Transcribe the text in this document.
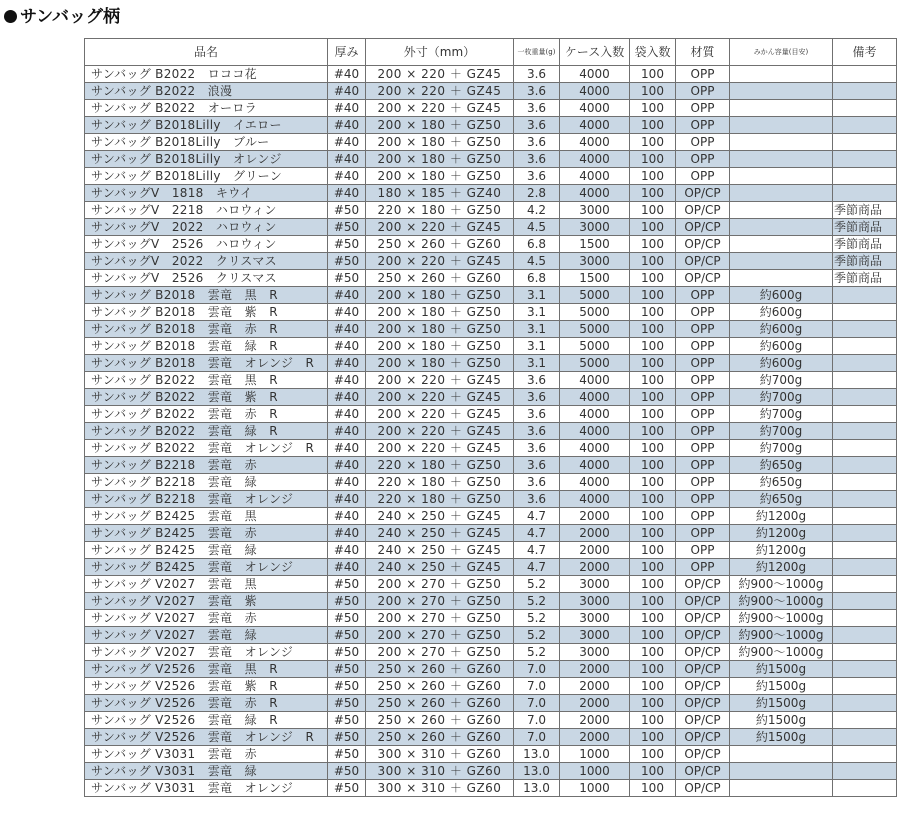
サンバッグ柄
品名	厚み	外寸（mm）	一枚重量(g)	ケース入数	袋入数	材質	みかん容量(目安)	備考
サンバッグ B2022　ロココ花	#40	200 × 220 ＋ GZ45	3.6	4000	100	OPP		
サンバッグ B2022　浪漫	#40	200 × 220 ＋ GZ45	3.6	4000	100	OPP		
サンバッグ B2022　オーロラ	#40	200 × 220 ＋ GZ45	3.6	4000	100	OPP		
サンバッグ B2018Lilly　イエロー	#40	200 × 180 ＋ GZ50	3.6	4000	100	OPP		
サンバッグ B2018Lilly　ブルー	#40	200 × 180 ＋ GZ50	3.6	4000	100	OPP		
サンバッグ B2018Lilly　オレンジ	#40	200 × 180 ＋ GZ50	3.6	4000	100	OPP		
サンバッグ B2018Lilly　グリーン	#40	200 × 180 ＋ GZ50	3.6	4000	100	OPP		
サンバッグV　1818　キウイ	#40	180 × 185 ＋ GZ40	2.8	4000	100	OP/CP		
サンバッグV　2218　ハロウィン	#50	220 × 180 ＋ GZ50	4.2	3000	100	OP/CP		季節商品
サンバッグV　2022　ハロウィン	#50	200 × 220 ＋ GZ45	4.5	3000	100	OP/CP		季節商品
サンバッグV　2526　ハロウィン	#50	250 × 260 ＋ GZ60	6.8	1500	100	OP/CP		季節商品
サンバッグV　2022　クリスマス	#50	200 × 220 ＋ GZ45	4.5	3000	100	OP/CP		季節商品
サンバッグV　2526　クリスマス	#50	250 × 260 ＋ GZ60	6.8	1500	100	OP/CP		季節商品
サンバッグ B2018　雲竜　黒　R	#40	200 × 180 ＋ GZ50	3.1	5000	100	OPP	約600g	
サンバッグ B2018　雲竜　紫　R	#40	200 × 180 ＋ GZ50	3.1	5000	100	OPP	約600g	
サンバッグ B2018　雲竜　赤　R	#40	200 × 180 ＋ GZ50	3.1	5000	100	OPP	約600g	
サンバッグ B2018　雲竜　緑　R	#40	200 × 180 ＋ GZ50	3.1	5000	100	OPP	約600g	
サンバッグ B2018　雲竜　オレンジ　R	#40	200 × 180 ＋ GZ50	3.1	5000	100	OPP	約600g	
サンバッグ B2022　雲竜　黒　R	#40	200 × 220 ＋ GZ45	3.6	4000	100	OPP	約700g	
サンバッグ B2022　雲竜　紫　R	#40	200 × 220 ＋ GZ45	3.6	4000	100	OPP	約700g	
サンバッグ B2022　雲竜　赤　R	#40	200 × 220 ＋ GZ45	3.6	4000	100	OPP	約700g	
サンバッグ B2022　雲竜　緑　R	#40	200 × 220 ＋ GZ45	3.6	4000	100	OPP	約700g	
サンバッグ B2022　雲竜　オレンジ　R	#40	200 × 220 ＋ GZ45	3.6	4000	100	OPP	約700g	
サンバッグ B2218　雲竜　赤	#40	220 × 180 ＋ GZ50	3.6	4000	100	OPP	約650g	
サンバッグ B2218　雲竜　緑	#40	220 × 180 ＋ GZ50	3.6	4000	100	OPP	約650g	
サンバッグ B2218　雲竜　オレンジ	#40	220 × 180 ＋ GZ50	3.6	4000	100	OPP	約650g	
サンバッグ B2425　雲竜　黒	#40	240 × 250 ＋ GZ45	4.7	2000	100	OPP	約1200g	
サンバッグ B2425　雲竜　赤	#40	240 × 250 ＋ GZ45	4.7	2000	100	OPP	約1200g	
サンバッグ B2425　雲竜　緑	#40	240 × 250 ＋ GZ45	4.7	2000	100	OPP	約1200g	
サンバッグ B2425　雲竜　オレンジ	#40	240 × 250 ＋ GZ45	4.7	2000	100	OPP	約1200g	
サンバッグ V2027　雲竜　黒	#50	200 × 270 ＋ GZ50	5.2	3000	100	OP/CP	約900〜1000g	
サンバッグ V2027　雲竜　紫	#50	200 × 270 ＋ GZ50	5.2	3000	100	OP/CP	約900〜1000g	
サンバッグ V2027　雲竜　赤	#50	200 × 270 ＋ GZ50	5.2	3000	100	OP/CP	約900〜1000g	
サンバッグ V2027　雲竜　緑	#50	200 × 270 ＋ GZ50	5.2	3000	100	OP/CP	約900〜1000g	
サンバッグ V2027　雲竜　オレンジ	#50	200 × 270 ＋ GZ50	5.2	3000	100	OP/CP	約900〜1000g	
サンバッグ V2526　雲竜　黒　R	#50	250 × 260 ＋ GZ60	7.0	2000	100	OP/CP	約1500g	
サンバッグ V2526　雲竜　紫　R	#50	250 × 260 ＋ GZ60	7.0	2000	100	OP/CP	約1500g	
サンバッグ V2526　雲竜　赤　R	#50	250 × 260 ＋ GZ60	7.0	2000	100	OP/CP	約1500g	
サンバッグ V2526　雲竜　緑　R	#50	250 × 260 ＋ GZ60	7.0	2000	100	OP/CP	約1500g	
サンバッグ V2526　雲竜　オレンジ　R	#50	250 × 260 ＋ GZ60	7.0	2000	100	OP/CP	約1500g	
サンバッグ V3031　雲竜　赤	#50	300 × 310 ＋ GZ60	13.0	1000	100	OP/CP		
サンバッグ V3031　雲竜　緑	#50	300 × 310 ＋ GZ60	13.0	1000	100	OP/CP		
サンバッグ V3031　雲竜　オレンジ	#50	300 × 310 ＋ GZ60	13.0	1000	100	OP/CP		
